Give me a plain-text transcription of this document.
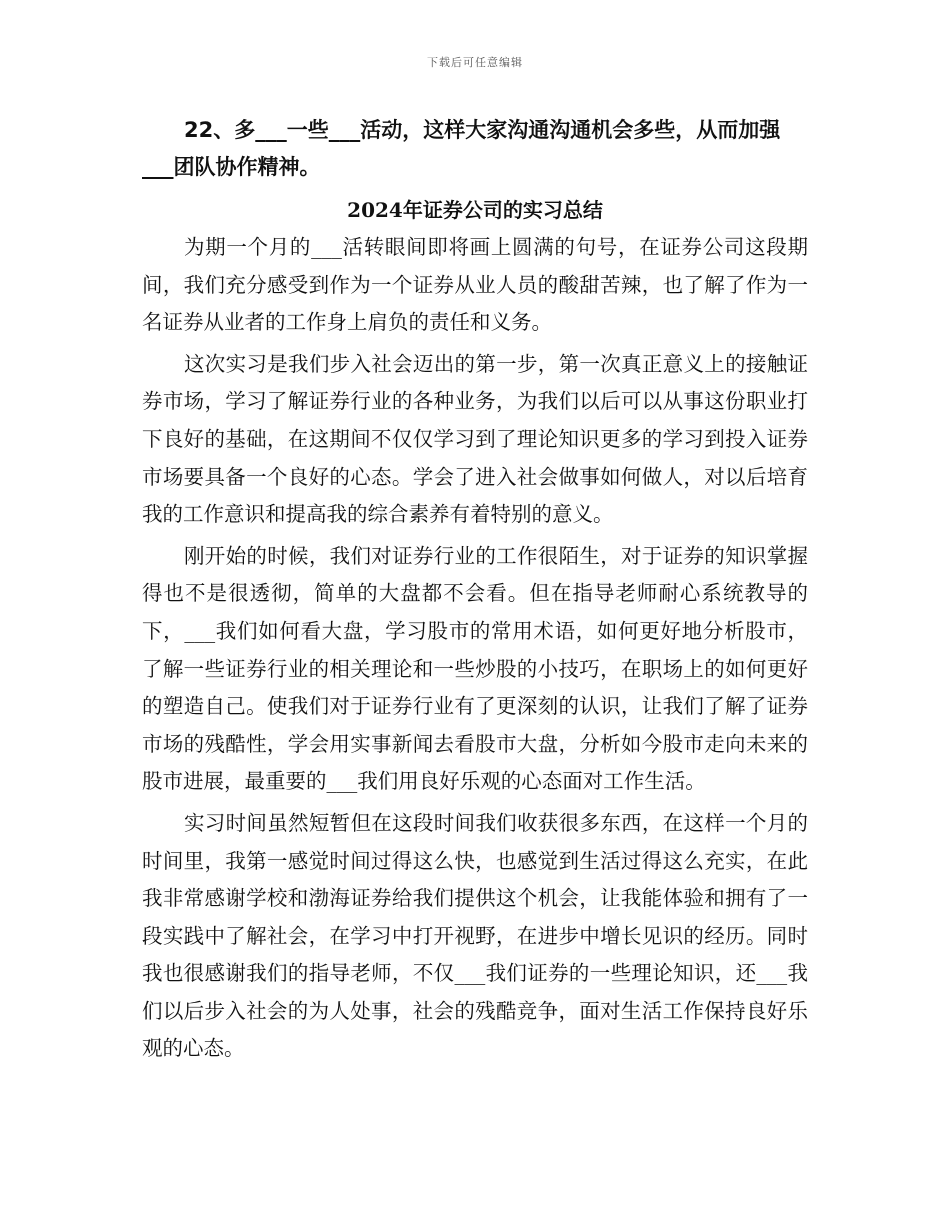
下载后可任意编辑

22、多___一些___活动，这样大家沟通沟通机会多些，从而加强___团队协作精神。

2024年证券公司的实习总结

为期一个月的___活转眼间即将画上圆满的句号，在证券公司这段期间，我们充分感受到作为一个证券从业人员的酸甜苦辣，也了解了作为一名证券从业者的工作身上肩负的责任和义务。

这次实习是我们步入社会迈出的第一步，第一次真正意义上的接触证券市场，学习了解证券行业的各种业务，为我们以后可以从事这份职业打下良好的基础，在这期间不仅仅学习到了理论知识更多的学习到投入证券市场要具备一个良好的心态。学会了进入社会做事如何做人，对以后培育我的工作意识和提高我的综合素养有着特别的意义。

刚开始的时候，我们对证券行业的工作很陌生，对于证券的知识掌握得也不是很透彻，简单的大盘都不会看。但在指导老师耐心系统教导的下，___我们如何看大盘，学习股市的常用术语，如何更好地分析股市，了解一些证券行业的相关理论和一些炒股的小技巧，在职场上的如何更好的塑造自己。使我们对于证券行业有了更深刻的认识，让我们了解了证券市场的残酷性，学会用实事新闻去看股市大盘，分析如今股市走向未来的股市进展，最重要的___我们用良好乐观的心态面对工作生活。

实习时间虽然短暂但在这段时间我们收获很多东西，在这样一个月的时间里，我第一感觉时间过得这么快，也感觉到生活过得这么充实，在此我非常感谢学校和渤海证券给我们提供这个机会，让我能体验和拥有了一段实践中了解社会，在学习中打开视野，在进步中增长见识的经历。同时我也很感谢我们的指导老师，不仅___我们证券的一些理论知识，还___我们以后步入社会的为人处事，社会的残酷竞争，面对生活工作保持良好乐观的心态。
